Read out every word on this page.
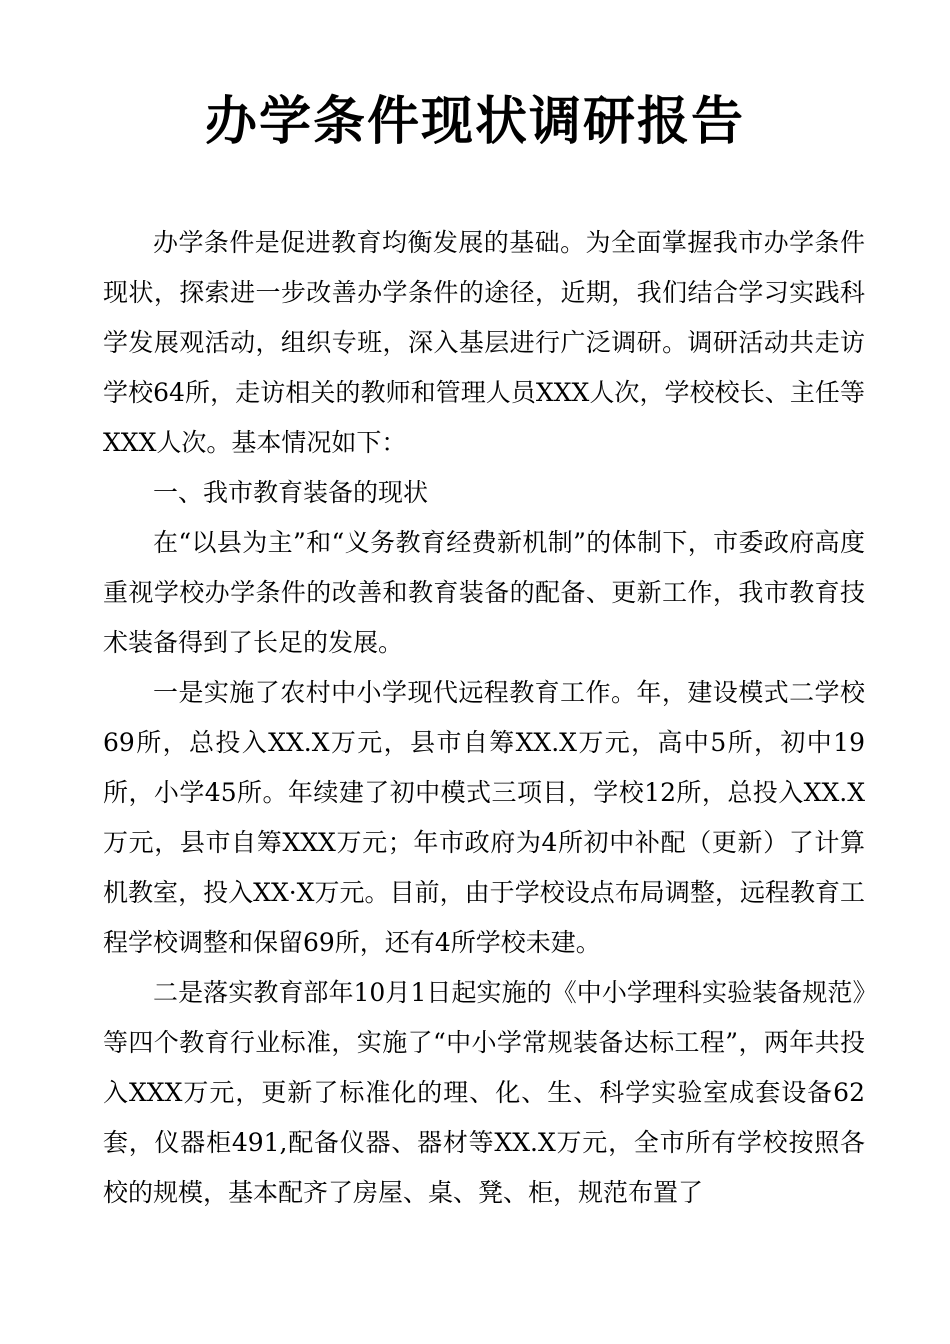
办学条件现状调研报告

办学条件是促进教育均衡发展的基础。为全面掌握我市办学条件现状，探索进一步改善办学条件的途径，近期，我们结合学习实践科学发展观活动，组织专班，深入基层进行广泛调研。调研活动共走访学校64所，走访相关的教师和管理人员XXX人次，学校校长、主任等XXX人次。基本情况如下：

一、我市教育装备的现状

在“以县为主”和“义务教育经费新机制”的体制下，市委政府高度重视学校办学条件的改善和教育装备的配备、更新工作，我市教育技术装备得到了长足的发展。

一是实施了农村中小学现代远程教育工作。年，建设模式二学校69所，总投入XX.X万元，县市自筹XX.X万元，高中5所，初中19所，小学45所。年续建了初中模式三项目，学校12所，总投入XX.X万元，县市自筹XXX万元；年市政府为4所初中补配（更新）了计算机教室，投入XX·X万元。目前，由于学校设点布局调整，远程教育工程学校调整和保留69所，还有4所学校未建。

二是落实教育部年10月1日起实施的《中小学理科实验装备规范》等四个教育行业标准，实施了“中小学常规装备达标工程”，两年共投入XXX万元，更新了标准化的理、化、生、科学实验室成套设备62套，仪器柜491,配备仪器、器材等XX.X万元，全市所有学校按照各校的规模，基本配齐了房屋、桌、凳、柜，规范布置了
